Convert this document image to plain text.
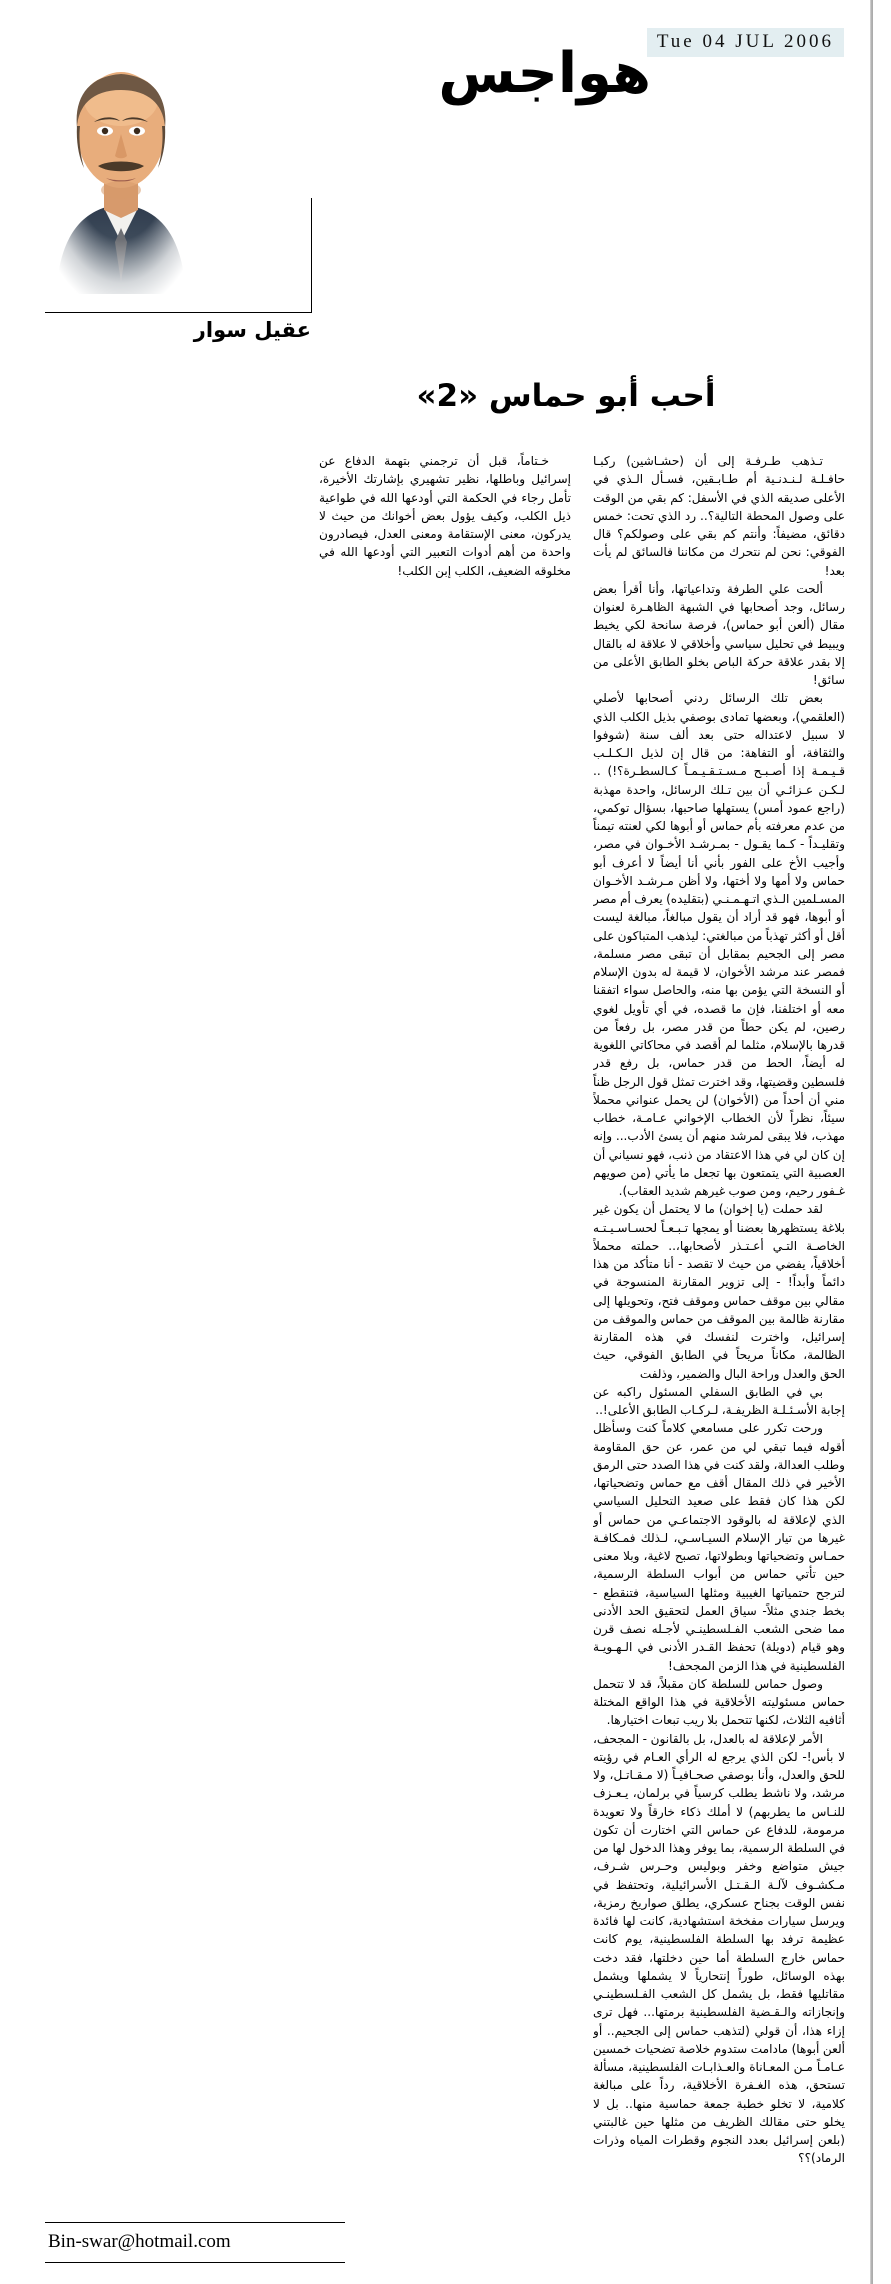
Tue 04 JUL 2006
هواجس
عقيل سوار
أحب أبو حماس «2»

تـذهب طـرفـة إلى أن (حشـاشين) ركبـا حافـلـة لـنـدنـية أم طـابـقين، فسـأل الـذي في الأعلى صديقه الذي في الأسفل: كم بقي من الوقت على وصول المحطة التالية؟.. رد الذي تحت: خمس دقائق، مضيفاً: وأنتم كم بقي على وصولكم؟ قال الفوقي: نحن لم نتحرك من مكاننا فالسائق لم يأت بعد!

ألحت علي الطرفة وتداعياتها، وأنا أقرأ بعض رسائل، وجد أصحابها في الشبهة الظاهـرة لعنوان مقال (ألعن أبو حماس)، فرصة سانحة لكي يخيط ويبيط في تحليل سياسي وأخلاقي لا علاقة له بالقال إلا بقدر علاقة حركة الباص بخلو الطابق الأعلى من سائق!

بعض تلك الرسائل ردني أصحابها لأصلي (العلقمي)، وبعضها تمادى بوصفي بذيل الكلب الذي لا سبيل لاعتداله حتى بعد ألف سنة (شوفوا والثقافة، أو التفاهة: من قال إن لذيل الـكـلـب قـيـمـة إذا أصـبـح مـسـتـقـيـمـاً كـالسطـرة؟!) .. لـكـن عـزائـي أن بين تـلك الرسائل، واحدة مهذبة (راجع عمود أمس) يستهلها صاحبها، بسؤال توكمي، من عدم معرفته بأم حماس أو أبوها لكي لعنته تيمناً وتقليـداً - كـما يقـول - بمـرشـد الأخـوان في مصر، وأجيب الأخ على الفور بأني أنا أيضاً لا أعرف أبو حماس ولا أمها ولا أختها، ولا أظن مـرشـد الأخـوان المسـلمين الـذي اتـهـمـنـي (بتقليده) يعرف أم مصر أو أبوها، فهو قد أراد أن يقول مبالغاً، مبالغة ليست أقل أو أكثر تهذباً من مبالغتي: ليذهب المتباكون على مصر إلى الجحيم بمقابل أن تبقى مصر مسلمة، فمصر عند مرشد الأخوان، لا قيمة له بدون الإسلام أو النسخة التي يؤمن بها منه، والحاصل سواء اتفقنا معه أو اختلفنا، فإن ما قصده، في أي تأويل لغوي رصين، لم يكن حطاً من قدر مصر، بل رفعاً من قدرها بالإسلام، مثلما لم أقصد في محاكاتي اللغوية له أيضاً، الحط من قدر حماس، بل رفع قدر فلسطين وقضيتها، وقد اخترت تمثل قول الرجل ظناً مني أن أحداً من (الأخوان) لن يحمل عنواني محملاً سيئاً، نظراً لأن الخطاب الإخواني عـامـة، خطاب مهذب، فلا يبقى لمرشد منهم أن يسئ الأدب... وإنه إن كان لي في هذا الاعتقاد من ذنب، فهو نسياني أن العصبية التي يتمتعون بها تجعل ما يأتي (من صويهم غـفور رحيم، ومن صوب غيرهم شديد العقاب).

لقد حملت (يا إخوان) ما لا يحتمل أن يكون غير بلاغة يستظهرها بعضنا أو يمجها تـبـعـاً لحسـاسـيـتـه الخاصـة التـي أعـتـذر لأصحابها،.. حملته محملاً أخلاقياً، يفضي من حيث لا تقصد - أنا متأكد من هذا دائماً وأبداً! - إلى تزوير المقارنة المنسوجة في مقالي بين موقف حماس وموقف فتح، وتحويلها إلى مقارنة ظالمة بين الموقف من حماس والموقف من إسرائيل، واخترت لنفسك في هذه المقارنة الظالمة، مكاناً مريحاً في الطابق الفوقي، حيث الحق والعدل وراحة البال والضمير، وذلفت

بي في الطابق السفلي المسئول راكبه عن إجابة الأسـئـلـة الظريفـة، لـركـاب الطابق الأعلى!..

ورحت تكرر على مسامعي كلاماً كنت وسأظل أقوله فيما تبقي لي من عمر، عن حق المقاومة وطلب العدالة، ولقد كنت في هذا الصدد حتى الرمق الأخير في ذلك المقال أقف مع حماس وتضحياتها، لكن هذا كان فقط على صعيد التحليل السياسي الذي لإعلاقة له بالوقود الاجتماعـي من حماس أو غيرها من تيار الإسلام السيـاسـي، لـذلك فمـكافـة حمـاس وتضحياتها وبطولاتها، تصبح لاغية، وبلا معنى حين تأتي حماس من أبواب السلطة الرسمية، لترجح حتمياتها الغيبية ومثلها السياسية، فتنقطع - بخط جندي مثلاً- سياق العمل لتحقيق الحد الأدنى مما ضحى الشعب الفـلسطينـي لأجـله نصف قرن وهو قيام (دويلة) تحفظ القـدر الأدنى في الـهـويـة الفلسطينية في هذا الزمن المجحف!

وصول حماس للسلطة كان مقبلاً، قد لا تتحمل حماس مسئوليته الأخلاقية في هذا الواقع المختلة أثافيه الثلاث، لكنها تتحمل بلا ريب تبعات اختيارها.

الأمر لإعلاقة له بالعدل، بل بالقانون - المجحف، لا بأس!- لكن الذي يرجع له الرأي العـام في رؤيته للحق والعدل، وأنا بوصفي صحـافيـاً (لا مـقـاتـل، ولا مرشد، ولا ناشط يطلب كرسياً في برلمان، يـعـزف للنـاس ما يطربهم) لا أملك ذكاء خارقاً ولا تعويدة مرمومة، للدفاع عن حماس التي اختارت أن تكون في السلطة الرسمية، بما يوفر وهذا الدخول لها من جيش متواضع وخفر وبوليس وحـرس شـرف، مـكشـوف لآلـة الـقـتـل الأسرائيلية، وتحتفظ في نفس الوقت بجناح عسكري، يطلق صواريخ رمزية، ويرسل سيارات مفخخة استشهادية، كانت لها فائدة عظيمة ترفد بها السلطة الفلسطينية، يوم كانت حماس خارج السلطة أما حين دخلتها، فقد دخت بهذه الوسائل، طوراً إنتحارياً لا يشملها ويشمل مقاتليها فقط، بل يشمل كل الشعب الفـلسطينـي وإنجازاته والـقـضية الفلسطينية برمتها... فهل ترى إزاء هذا، أن قولي (لتذهب حماس إلى الجحيم.. أو ألعن أبوها) مادامت ستدوم خلاصة تضحيات خمسين عـامـاً مـن المعـاناة والعـذابـات الفلسطينية، مسألة تستحق، هذه الغـفرة الأخلاقية، رداً على مبالغة كلامية، لا تخلو خطبة جمعة حماسية منها.. بل لا يخلو حتى مقالك الظريف من مثلها حين غالبتني (بلعن إسرائيل بعدد النجوم وقطرات المياه وذرات الرماد)؟؟

خـتاماً، قبل أن ترجمني بتهمة الدفاع عن إسرائيل وباطلها، نظير تشهيري بإشارتك الأخيرة، تأمل رجاء في الحكمة التي أودعها الله في طواعية ذيل الكلب، وكيف يؤول بعض أخوانك من حيث لا يدركون، معنى الإستقامة ومعنى العدل، فيصادرون واحدة من أهم أدوات التعبير التي أودعها الله في مخلوقه الضعيف، الكلب إبن الكلب!

Bin-swar@hotmail.com
